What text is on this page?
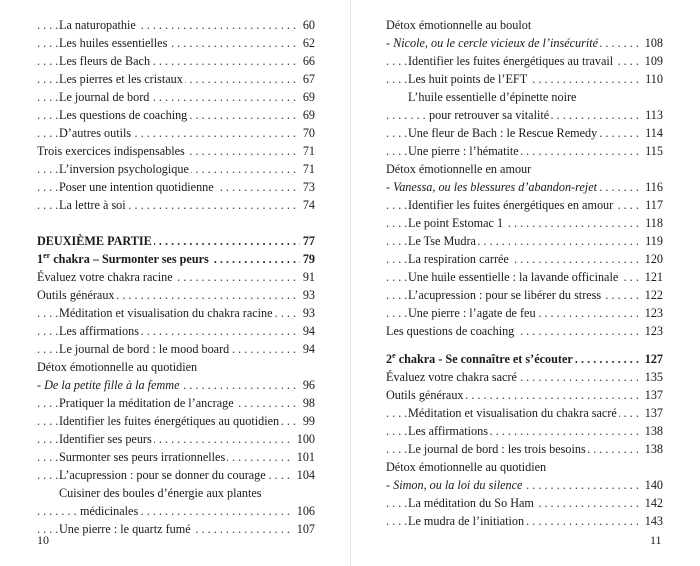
. . .
La naturopathie	60
. . .
Les huiles essentielles	62
. . .
Les fleurs de Bach	66
. . .
Les pierres et les cristaux	67
. . .
Le journal de bord	69
. . .
Les questions de coaching	69
. . .
D’autres outils	70
. . .
Trois exercices indispensables	71
. . .
L’inversion psychologique	71
. . .
Poser une intention quotidienne	73
. . .
La lettre à soi	74
. . .
DEUXIÈME PARTIE	77
. . .
1er chakra – Surmonter ses peurs	79
. . .
Évaluez votre chakra racine	91
. . .
Outils généraux	93
. . .
Méditation et visualisation du chakra racine 93
. . .
Les affirmations	94
. . .
Le journal de bord : le mood board	94
Détox émotionnelle au quotidien
. . .
- De la petite fille à la femme	96
. . .
Pratiquer la méditation de l’ancrage	98
. . .
Identifier les fuites énergétiques au quotidien 99
. . .
Identifier ses peurs	100
. . .
Surmonter ses peurs irrationnelles	101
. . .
L’acupression : pour se donner du courage	104
Cuisiner des boules d’énergie aux plantes
. . .
médicinales	106
. . .
Une pierre : le quartz fumé	107
Détox émotionnelle au boulot
. . .
- Nicole, ou le cercle vicieux de l’insécurité	108
. . .
Identifier les fuites énergétiques au travail	109
. . .
Les huit points de l’EFT	110
L’huile essentielle d’épinette noire
. . .
pour retrouver sa vitalité	113
. . .
Une fleur de Bach : le Rescue Remedy	114
. . .
Une pierre : l’hématite	115
Détox émotionnelle en amour
. . .
- Vanessa, ou les blessures d’abandon-rejet	116
. . .
Identifier les fuites énergétiques en amour	117
. . .
Le point Estomac 1	118
. . .
Le Tse Mudra	119
. . .
La respiration carrée	120
. . .
Une huile essentielle : la lavande officinale 121
. . .
L’acupression : pour se libérer du stress	122
. . .
Une pierre : l’agate de feu	123
. . .
Les questions de coaching	123
. . .
2e chakra - Se connaître et s’écouter	127
. . .
Évaluez votre chakra sacré	135
. . .
Outils généraux	137
. . .
Méditation et visualisation du chakra sacré 137
. . .
Les affirmations	138
. . .
Le journal de bord : les trois besoins	138
Détox émotionnelle au quotidien
. . .
- Simon, ou la loi du silence	140
. . .
La méditation du So Ham	142
. . .
Le mudra de l’initiation	143
10	11
